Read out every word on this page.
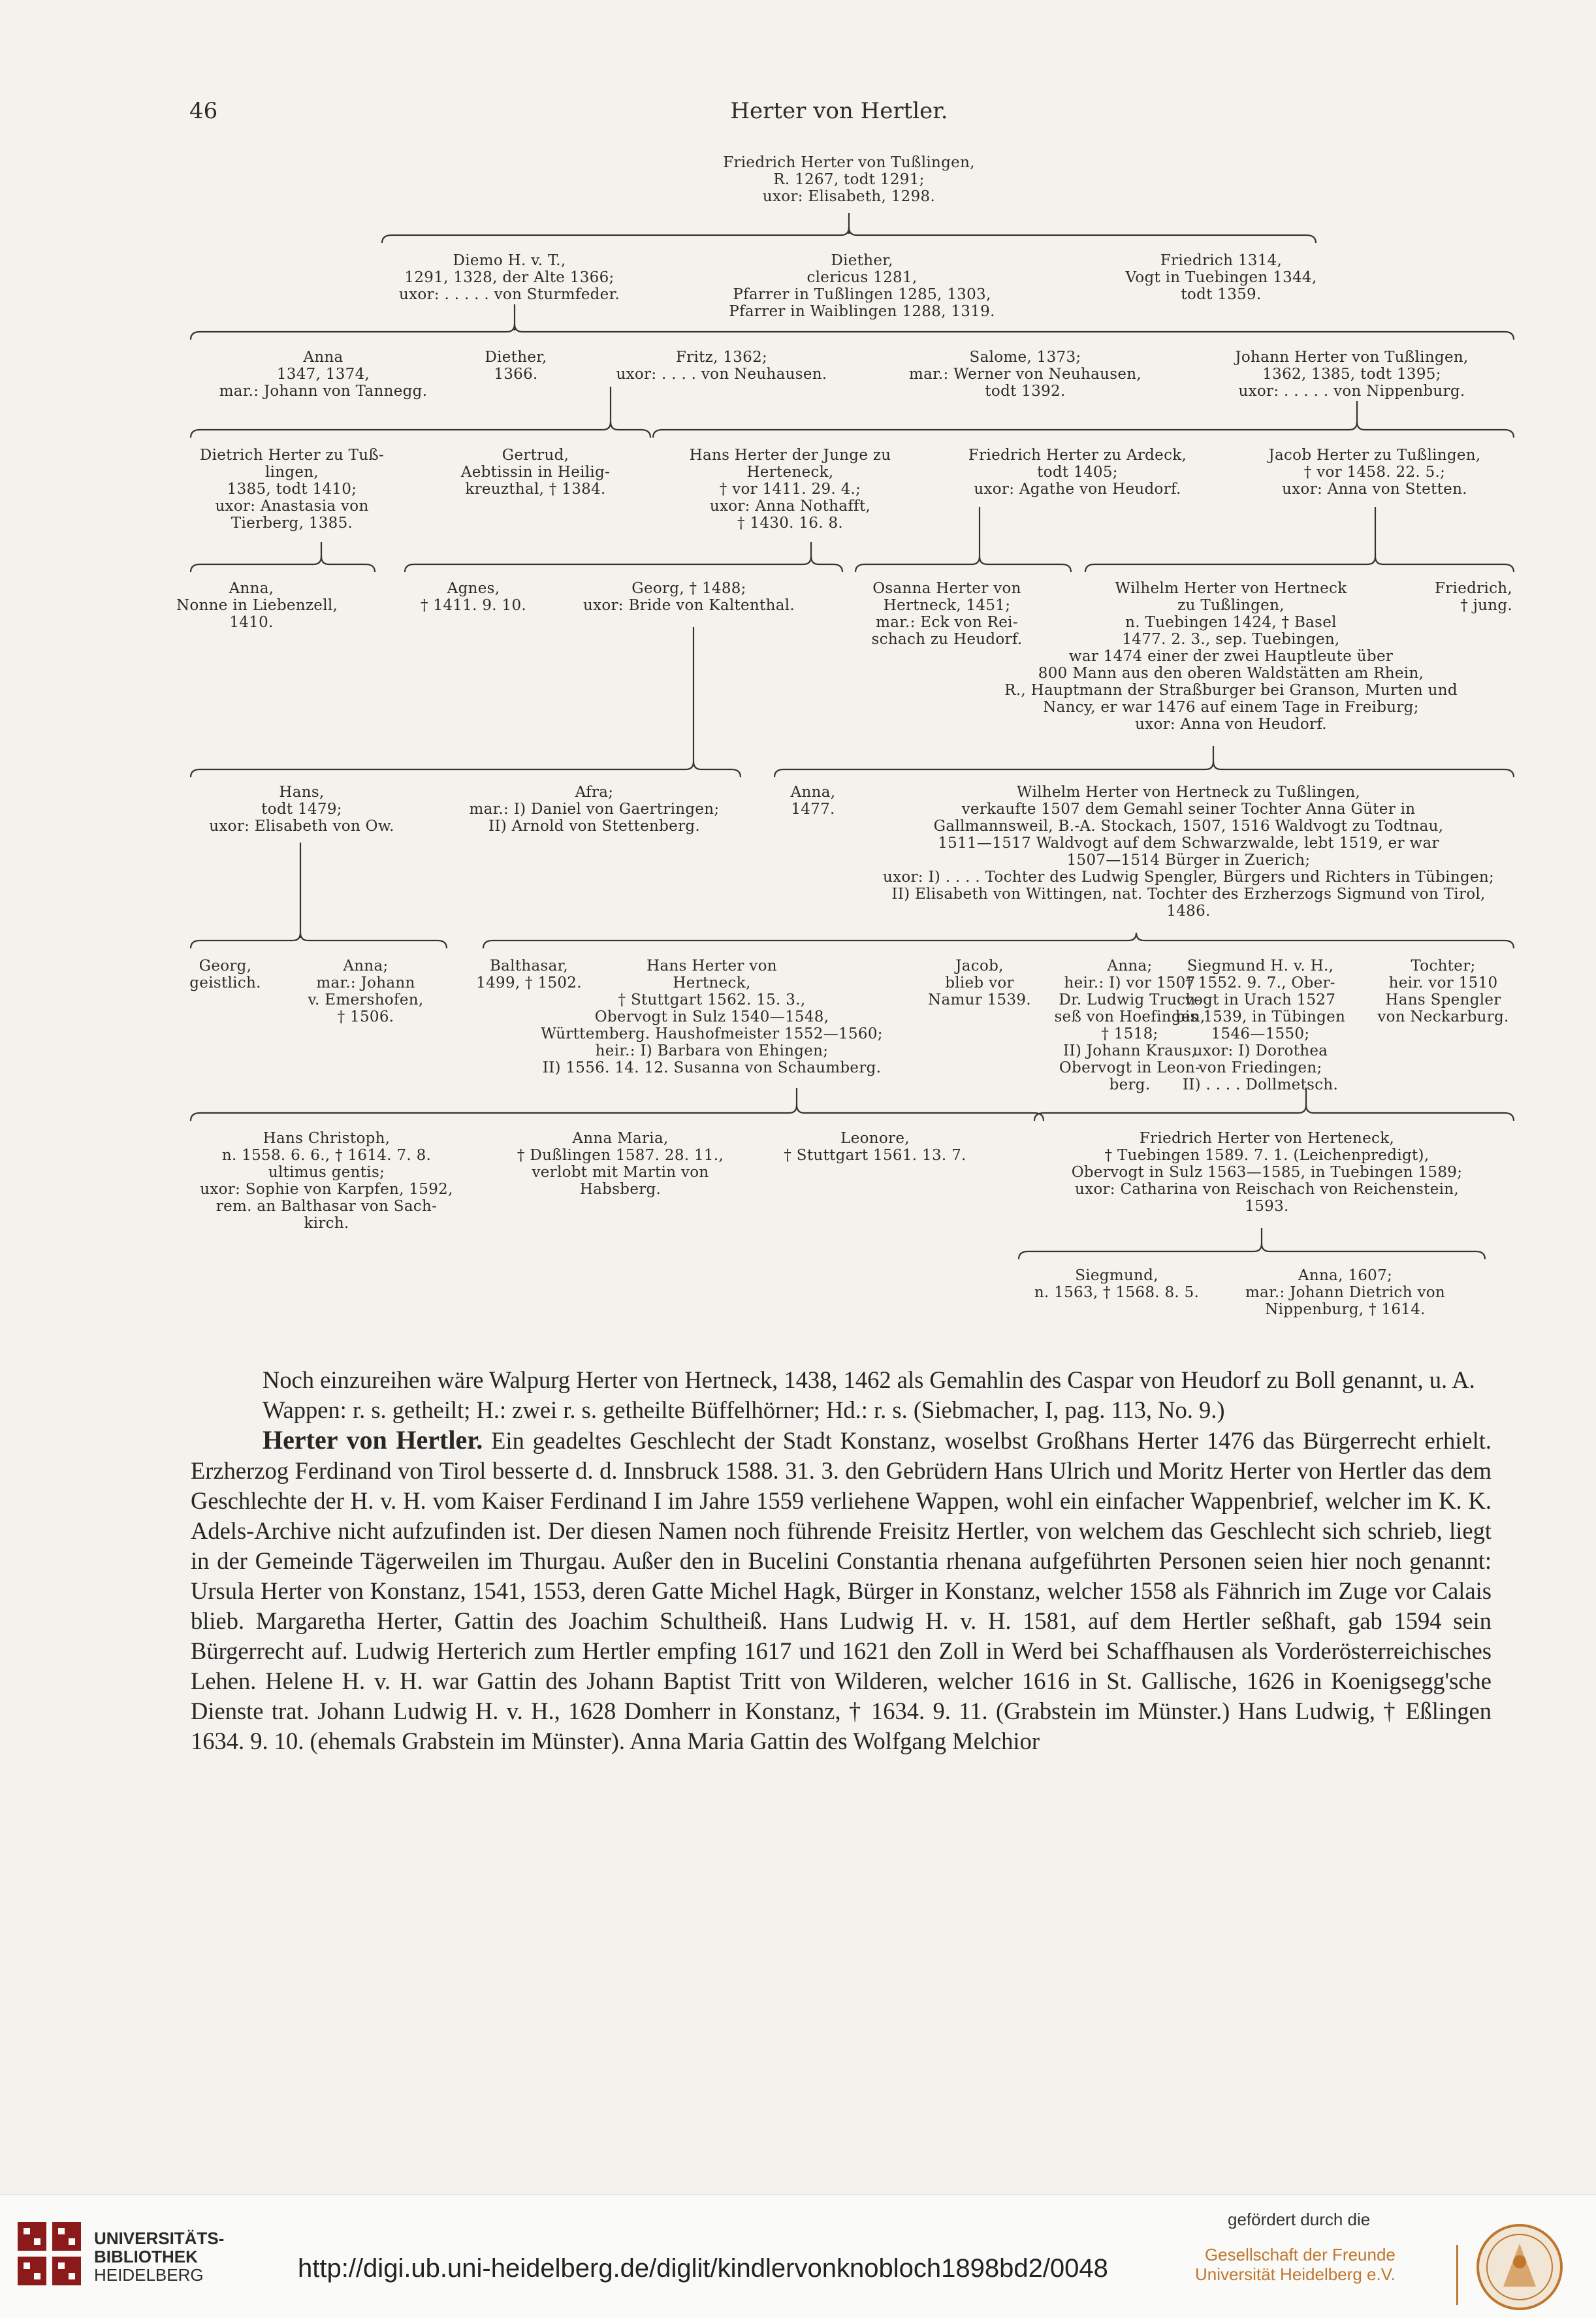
46	Herter von Hertler.
Friedrich Herter von Tußlingen,
R. 1267, todt 1291;
uxor: Elisabeth, 1298.
Diemo H. v. T.,
1291, 1328, der Alte 1366;
uxor: . . . . . von Sturmfeder.
Diether,
clericus 1281,
Pfarrer in Tußlingen 1285, 1303,
Pfarrer in Waiblingen 1288, 1319.
Friedrich 1314,
Vogt in Tuebingen 1344,
todt 1359.
Anna
1347, 1374,
mar.: Johann von Tannegg.
Diether,
1366.
Fritz, 1362;
uxor: . . . . von Neuhausen.
Salome, 1373;
mar.: Werner von Neuhausen,
todt 1392.
Johann Herter von Tußlingen,
1362, 1385, todt 1395;
uxor: . . . . . von Nippenburg.
Dietrich Herter zu Tuß-
lingen,
1385, todt 1410;
uxor: Anastasia von
Tierberg, 1385.
Gertrud,
Aebtissin in Heilig-
kreuzthal, † 1384.
Hans Herter der Junge zu
Herteneck,
† vor 1411. 29. 4.;
uxor: Anna Nothafft,
† 1430. 16. 8.
Friedrich Herter zu Ardeck,
todt 1405;
uxor: Agathe von Heudorf.
Jacob Herter zu Tußlingen,
† vor 1458. 22. 5.;
uxor: Anna von Stetten.
Anna,
Nonne in Liebenzell,
1410.
Agnes,
† 1411. 9. 10.
Georg, † 1488;
uxor: Bride von Kaltenthal.
Osanna Herter von
Hertneck, 1451;
mar.: Eck von Rei-
schach zu Heudorf.
Wilhelm Herter von Hertneck
zu Tußlingen,
n. Tuebingen 1424, † Basel
1477. 2. 3., sep. Tuebingen,
war 1474 einer der zwei Hauptleute über
800 Mann aus den oberen Waldstätten am Rhein,
R., Hauptmann der Straßburger bei Granson, Murten und
Nancy, er war 1476 auf einem Tage in Freiburg;
uxor: Anna von Heudorf.
Friedrich,
† jung.
Hans,
todt 1479;
uxor: Elisabeth von Ow.
Afra;
mar.: I) Daniel von Gaertringen;
II) Arnold von Stettenberg.
Anna,
1477.
Wilhelm Herter von Hertneck zu Tußlingen,
verkaufte 1507 dem Gemahl seiner Tochter Anna Güter in
Gallmannsweil, B.-A. Stockach, 1507, 1516 Waldvogt zu Todtnau,
1511—1517 Waldvogt auf dem Schwarzwalde, lebt 1519, er war
1507—1514 Bürger in Zuerich;
uxor: I) . . . . Tochter des Ludwig Spengler, Bürgers und Richters in Tübingen;
II) Elisabeth von Wittingen, nat. Tochter des Erzherzogs Sigmund von Tirol,
1486.
Georg,
geistlich.
Anna;
mar.: Johann
v. Emershofen,
† 1506.
Balthasar,
1499, † 1502.
Hans Herter von
Hertneck,
† Stuttgart 1562. 15. 3.,
Obervogt in Sulz 1540—1548,
Württemberg. Haushofmeister 1552—1560;
heir.: I) Barbara von Ehingen;
II) 1556. 14. 12. Susanna von Schaumberg.
Jacob,
blieb vor
Namur 1539.
Anna;
heir.: I) vor 1507
Dr. Ludwig Truch-
seß von Hoefingen,
† 1518;
II) Johann Kraus,
Obervogt in Leon-
berg.
Siegmund H. v. H.,
† 1552. 9. 7., Ober-
vogt in Urach 1527
bis 1539, in Tübingen
1546—1550;
uxor: I) Dorothea
von Friedingen;
II) . . . . Dollmetsch.
Tochter;
heir. vor 1510
Hans Spengler
von Neckarburg.
Hans Christoph,
n. 1558. 6. 6., † 1614. 7. 8.
ultimus gentis;
uxor: Sophie von Karpfen, 1592,
rem. an Balthasar von Sach-
kirch.
Anna Maria,
† Dußlingen 1587. 28. 11.,
verlobt mit Martin von
Habsberg.
Leonore,
† Stuttgart 1561. 13. 7.
Friedrich Herter von Herteneck,
† Tuebingen 1589. 7. 1. (Leichenpredigt),
Obervogt in Sulz 1563—1585, in Tuebingen 1589;
uxor: Catharina von Reischach von Reichenstein,
1593.
Siegmund,
n. 1563, † 1568. 8. 5.
Anna, 1607;
mar.: Johann Dietrich von
Nippenburg, † 1614.

Noch einzureihen wäre Walpurg Herter von Hertneck, 1438, 1462 als Gemahlin des Caspar von Heudorf zu Boll genannt, u. A.

Wappen: r. s. getheilt; H.: zwei r. s. getheilte Büffelhörner; Hd.: r. s. (Siebmacher, I, pag. 113, No. 9.)

Herter von Hertler. Ein geadeltes Geschlecht der Stadt Konstanz, woselbst Großhans Herter 1476 das Bürgerrecht erhielt. Erzherzog Ferdinand von Tirol besserte d. d. Innsbruck 1588. 31. 3. den Gebrüdern Hans Ulrich und Moritz Herter von Hertler das dem Geschlechte der H. v. H. vom Kaiser Ferdinand I im Jahre 1559 verliehene Wappen, wohl ein einfacher Wappenbrief, welcher im K. K. Adels-Archive nicht aufzufinden ist. Der diesen Namen noch führende Freisitz Hertler, von welchem das Geschlecht sich schrieb, liegt in der Gemeinde Tägerweilen im Thurgau. Außer den in Bucelini Constantia rhenana aufgeführten Personen seien hier noch genannt: Ursula Herter von Konstanz, 1541, 1553, deren Gatte Michel Hagk, Bürger in Konstanz, welcher 1558 als Fähnrich im Zuge vor Calais blieb. Margaretha Herter, Gattin des Joachim Schultheiß. Hans Ludwig H. v. H. 1581, auf dem Hertler seßhaft, gab 1594 sein Bürgerrecht auf. Ludwig Herterich zum Hertler empfing 1617 und 1621 den Zoll in Werd bei Schaffhausen als Vorderösterreichisches Lehen. Helene H. v. H. war Gattin des Johann Baptist Tritt von Wilderen, welcher 1616 in St. Gallische, 1626 in Koenigsegg'sche Dienste trat. Johann Ludwig H. v. H., 1628 Domherr in Konstanz, † 1634. 9. 11. (Grabstein im Münster.) Hans Ludwig, † Eßlingen 1634. 9. 10. (ehemals Grabstein im Münster). Anna Maria Gattin des Wolfgang Melchior

UNIVERSITÄTS-
BIBLIOTHEK
HEIDELBERG	http://digi.ub.uni-heidelberg.de/diglit/kindlervonknobloch1898bd2/0048
gefördert durch die
Gesellschaft der Freunde
Universität Heidelberg e.V.
